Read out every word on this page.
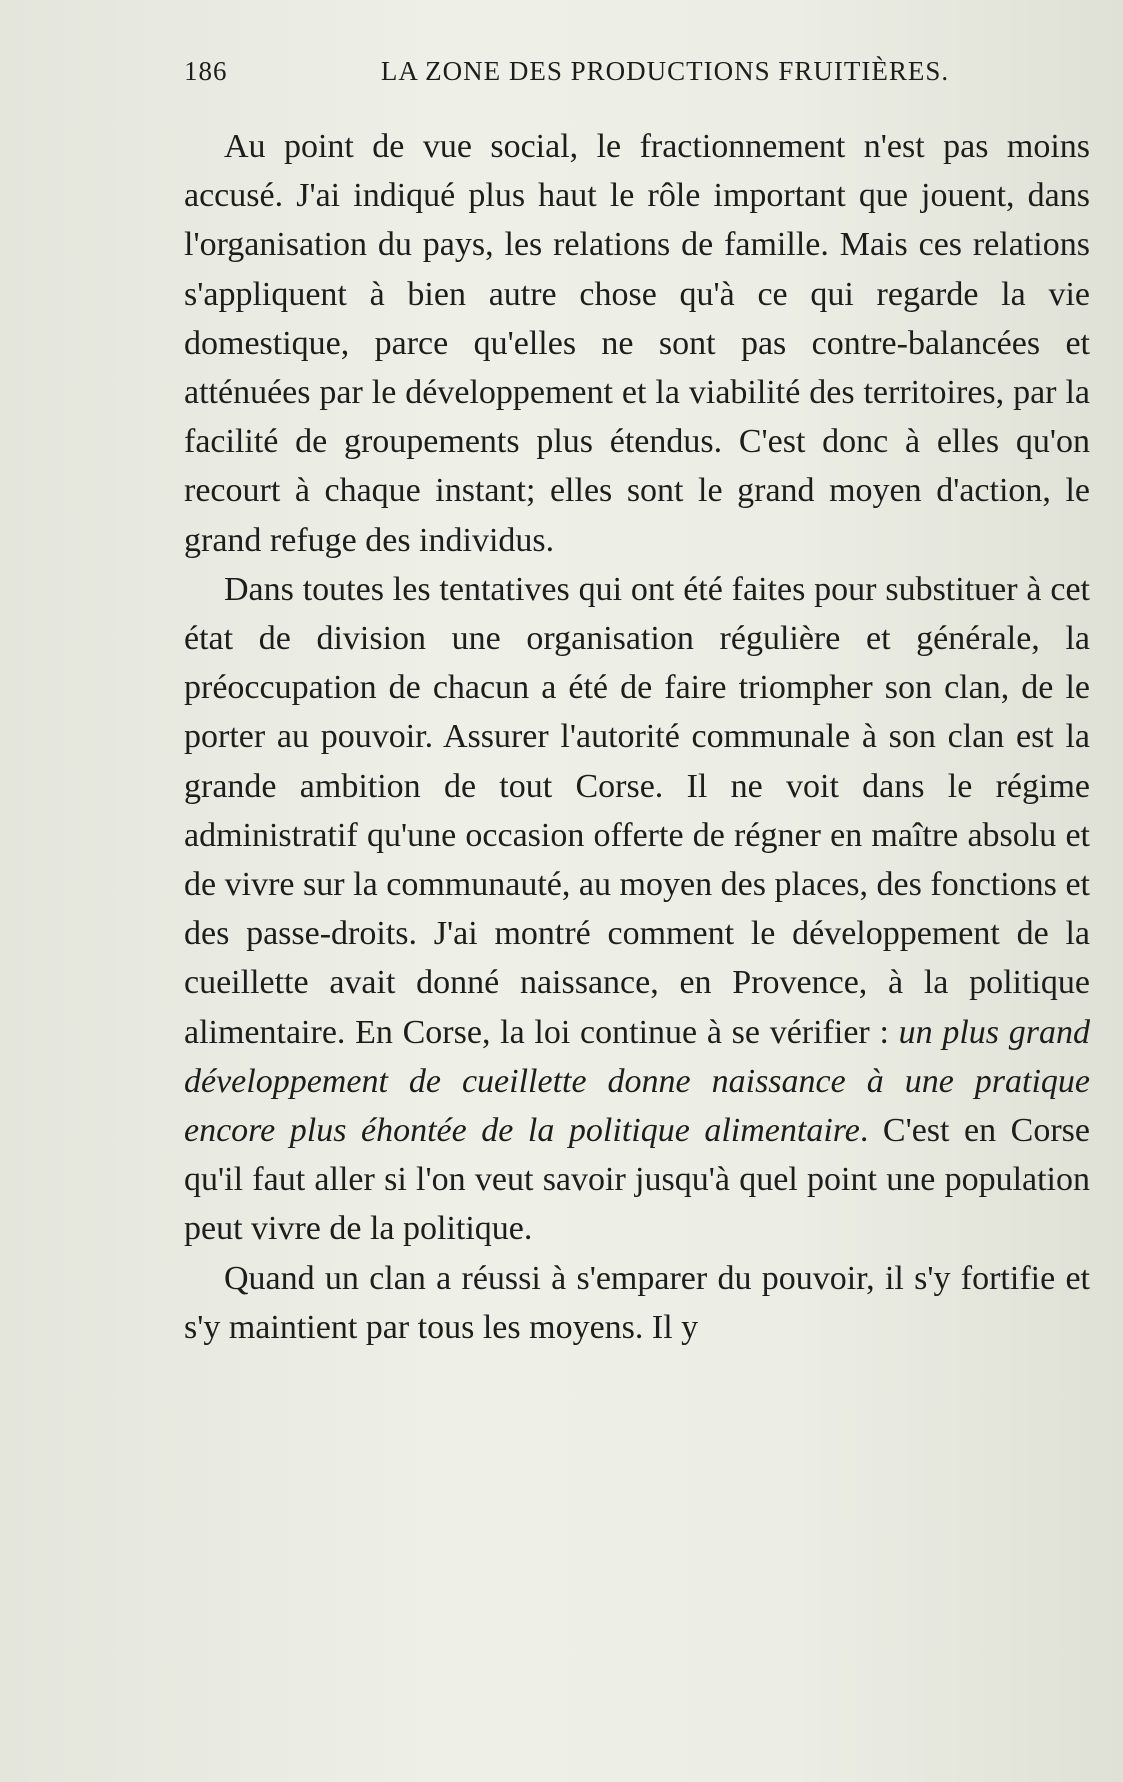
186	LA ZONE DES PRODUCTIONS FRUITIÈRES.

Au point de vue social, le fractionnement n'est pas moins accusé. J'ai indiqué plus haut le rôle important que jouent, dans l'organisation du pays, les relations de famille. Mais ces relations s'appliquent à bien autre chose qu'à ce qui regarde la vie domestique, parce qu'elles ne sont pas contre-balancées et atténuées par le développement et la viabilité des territoires, par la facilité de groupements plus étendus. C'est donc à elles qu'on recourt à chaque instant; elles sont le grand moyen d'action, le grand refuge des individus.

Dans toutes les tentatives qui ont été faites pour substituer à cet état de division une organisation régulière et générale, la préoccupation de chacun a été de faire triompher son clan, de le porter au pouvoir. Assurer l'autorité communale à son clan est la grande ambition de tout Corse. Il ne voit dans le régime administratif qu'une occasion offerte de régner en maître absolu et de vivre sur la communauté, au moyen des places, des fonctions et des passe-droits. J'ai montré comment le développement de la cueillette avait donné naissance, en Provence, à la politique alimentaire. En Corse, la loi continue à se vérifier : un plus grand développement de cueillette donne naissance à une pratique encore plus éhontée de la politique alimentaire. C'est en Corse qu'il faut aller si l'on veut savoir jusqu'à quel point une population peut vivre de la politique.

Quand un clan a réussi à s'emparer du pouvoir, il s'y fortifie et s'y maintient par tous les moyens. Il y
